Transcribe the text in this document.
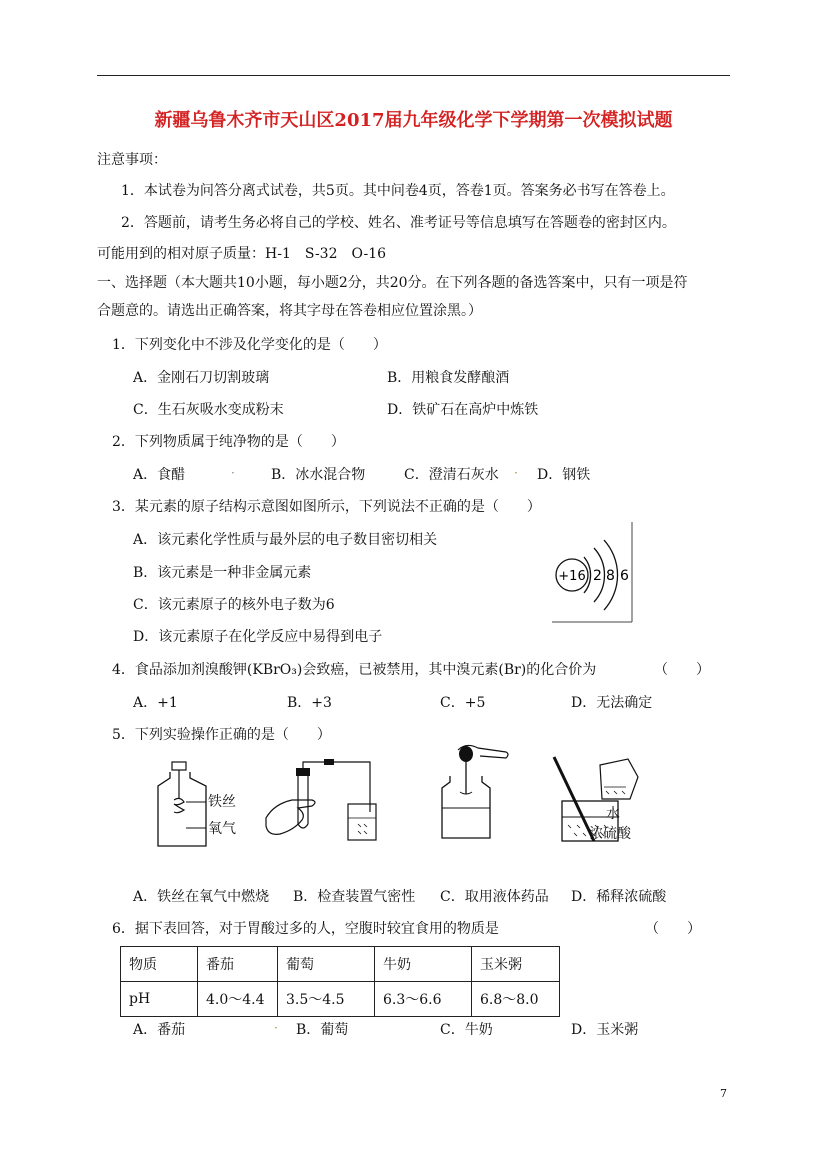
新疆乌鲁木齐市天山区2017届九年级化学下学期第一次模拟试题
注意事项：
1．本试卷为问答分离式试卷，共5页。其中问卷4页，答卷1页。答案务必书写在答卷上。
2．答题前，请考生务必将自己的学校、姓名、准考证号等信息填写在答题卷的密封区内。
可能用到的相对原子质量：H-1　S-32　O-16
一、选择题（本大题共10小题，每小题2分，共20分。在下列各题的备选答案中，只有一项是符
合题意的。请选出正确答案，将其字母在答卷相应位置涂黑。）
1．下列变化中不涉及化学变化的是（　　）
A．金刚石刀切割玻璃	B．用粮食发酵酿酒
C．生石灰吸水变成粉末	D．铁矿石在高炉中炼铁
2．下列物质属于纯净物的是（　　）
A．食醋	·	B．冰水混合物	C．澄清石灰水 · D．钢铁
3．某元素的原子结构示意图如图所示，下列说法不正确的是（　　）
A．该元素化学性质与最外层的电子数目密切相关
B．该元素是一种非金属元素
C．该元素原子的核外电子数为6
D．该元素原子在化学反应中易得到电子
+16 2 8 6
4．食品添加剂溴酸钾(KBrO₃)会致癌，已被禁用，其中溴元素(Br)的化合价为	（　　）
A．+1	B．+3	C．+5	D．无法确定
5．下列实验操作正确的是（　　）
铁丝
氧气
水
浓硫酸
A．铁丝在氧气中燃烧 B．检查装置气密性 C．取用液体药品 D．稀释浓硫酸
6．据下表回答，对于胃酸过多的人，空腹时较宜食用的物质是	（　　）
物质	番茄	葡萄	牛奶	玉米粥
pH	4.0～4.4	3.5～4.5	6.3～6.6	6.8～8.0
A．番茄	· B．葡萄	C．牛奶	D．玉米粥
7
